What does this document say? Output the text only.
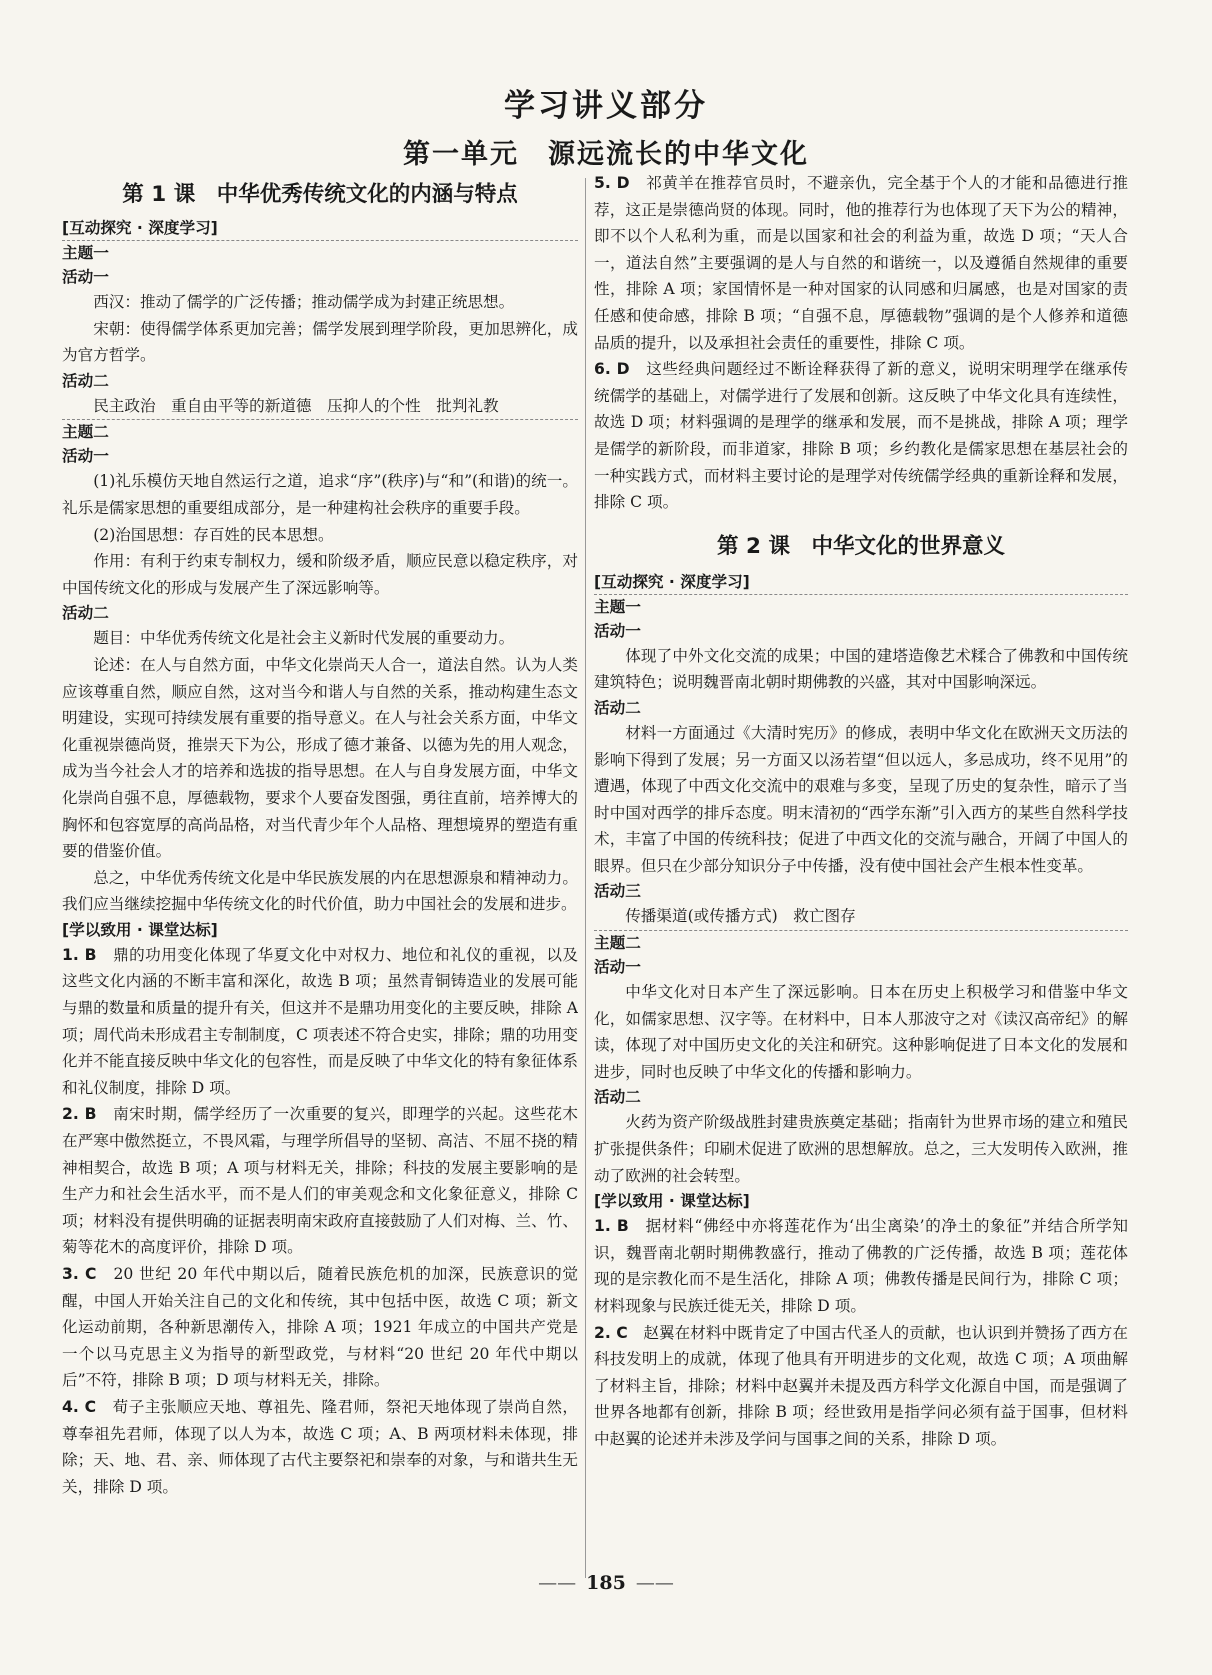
学习讲义部分
第一单元　源远流长的中华文化
第 1 课　中华优秀传统文化的内涵与特点
[互动探究 · 深度学习]
主题一
活动一

西汉：推动了儒学的广泛传播；推动儒学成为封建正统思想。

宋朝：使得儒学体系更加完善；儒学发展到理学阶段，更加思辨化，成为官方哲学。

活动二

民主政治　重自由平等的新道德　压抑人的个性　批判礼教

主题二
活动一

(1)礼乐模仿天地自然运行之道，追求“序”(秩序)与“和”(和谐)的统一。礼乐是儒家思想的重要组成部分，是一种建构社会秩序的重要手段。

(2)治国思想：存百姓的民本思想。

作用：有利于约束专制权力，缓和阶级矛盾，顺应民意以稳定秩序，对中国传统文化的形成与发展产生了深远影响等。

活动二

题目：中华优秀传统文化是社会主义新时代发展的重要动力。

论述：在人与自然方面，中华文化崇尚天人合一，道法自然。认为人类应该尊重自然，顺应自然，这对当今和谐人与自然的关系，推动构建生态文明建设，实现可持续发展有重要的指导意义。在人与社会关系方面，中华文化重视崇德尚贤，推崇天下为公，形成了德才兼备、以德为先的用人观念，成为当今社会人才的培养和选拔的指导思想。在人与自身发展方面，中华文化崇尚自强不息，厚德载物，要求个人要奋发图强，勇往直前，培养博大的胸怀和包容宽厚的高尚品格，对当代青少年个人品格、理想境界的塑造有重要的借鉴价值。

总之，中华优秀传统文化是中华民族发展的内在思想源泉和精神动力。我们应当继续挖掘中华传统文化的时代价值，助力中国社会的发展和进步。

[学以致用 · 课堂达标]

1. B　 鼎的功用变化体现了华夏文化中对权力、地位和礼仪的重视，以及这些文化内涵的不断丰富和深化，故选 B 项；虽然青铜铸造业的发展可能与鼎的数量和质量的提升有关，但这并不是鼎功用变化的主要反映，排除 A 项；周代尚未形成君主专制制度，C 项表述不符合史实，排除；鼎的功用变化并不能直接反映中华文化的包容性，而是反映了中华文化的特有象征体系和礼仪制度，排除 D 项。

2. B　 南宋时期，儒学经历了一次重要的复兴，即理学的兴起。这些花木在严寒中傲然挺立，不畏风霜，与理学所倡导的坚韧、高洁、不屈不挠的精神相契合，故选 B 项；A 项与材料无关，排除；科技的发展主要影响的是生产力和社会生活水平，而不是人们的审美观念和文化象征意义，排除 C 项；材料没有提供明确的证据表明南宋政府直接鼓励了人们对梅、兰、竹、菊等花木的高度评价，排除 D 项。

3. C　 20 世纪 20 年代中期以后，随着民族危机的加深，民族意识的觉醒，中国人开始关注自己的文化和传统，其中包括中医，故选 C 项；新文化运动前期，各种新思潮传入，排除 A 项；1921 年成立的中国共产党是一个以马克思主义为指导的新型政党，与材料“20 世纪 20 年代中期以后”不符，排除 B 项；D 项与材料无关，排除。

4. C　 荀子主张顺应天地、尊祖先、隆君师，祭祀天地体现了崇尚自然，尊奉祖先君师，体现了以人为本，故选 C 项；A、B 两项材料未体现，排除；天、地、君、亲、师体现了古代主要祭祀和崇奉的对象，与和谐共生无关，排除 D 项。

5. D　 祁黄羊在推荐官员时，不避亲仇，完全基于个人的才能和品德进行推荐，这正是崇德尚贤的体现。同时，他的推荐行为也体现了天下为公的精神，即不以个人私利为重，而是以国家和社会的利益为重，故选 D 项；“天人合一，道法自然”主要强调的是人与自然的和谐统一，以及遵循自然规律的重要性，排除 A 项；家国情怀是一种对国家的认同感和归属感，也是对国家的责任感和使命感，排除 B 项；“自强不息，厚德载物”强调的是个人修养和道德品质的提升，以及承担社会责任的重要性，排除 C 项。

6. D　 这些经典问题经过不断诠释获得了新的意义，说明宋明理学在继承传统儒学的基础上，对儒学进行了发展和创新。这反映了中华文化具有连续性，故选 D 项；材料强调的是理学的继承和发展，而不是挑战，排除 A 项；理学是儒学的新阶段，而非道家，排除 B 项；乡约教化是儒家思想在基层社会的一种实践方式，而材料主要讨论的是理学对传统儒学经典的重新诠释和发展，排除 C 项。

第 2 课　中华文化的世界意义
[互动探究 · 深度学习]
主题一
活动一

体现了中外文化交流的成果；中国的建塔造像艺术糅合了佛教和中国传统建筑特色；说明魏晋南北朝时期佛教的兴盛，其对中国影响深远。

活动二

材料一方面通过《大清时宪历》的修成，表明中华文化在欧洲天文历法的影响下得到了发展；另一方面又以汤若望“但以远人，多忌成功，终不见用”的遭遇，体现了中西文化交流中的艰难与多变，呈现了历史的复杂性，暗示了当时中国对西学的排斥态度。明末清初的“西学东渐”引入西方的某些自然科学技术，丰富了中国的传统科技；促进了中西文化的交流与融合，开阔了中国人的眼界。但只在少部分知识分子中传播，没有使中国社会产生根本性变革。

活动三

传播渠道(或传播方式)　救亡图存

主题二
活动一

中华文化对日本产生了深远影响。日本在历史上积极学习和借鉴中华文化，如儒家思想、汉字等。在材料中，日本人那波守之对《读汉高帝纪》的解读，体现了对中国历史文化的关注和研究。这种影响促进了日本文化的发展和进步，同时也反映了中华文化的传播和影响力。

活动二

火药为资产阶级战胜封建贵族奠定基础；指南针为世界市场的建立和殖民扩张提供条件；印刷术促进了欧洲的思想解放。总之，三大发明传入欧洲，推动了欧洲的社会转型。

[学以致用 · 课堂达标]

1. B　 据材料“佛经中亦将莲花作为‘出尘离染’的净土的象征”并结合所学知识，魏晋南北朝时期佛教盛行，推动了佛教的广泛传播，故选 B 项；莲花体现的是宗教化而不是生活化，排除 A 项；佛教传播是民间行为，排除 C 项；材料现象与民族迁徙无关，排除 D 项。

2. C　 赵翼在材料中既肯定了中国古代圣人的贡献，也认识到并赞扬了西方在科技发明上的成就，体现了他具有开明进步的文化观，故选 C 项；A 项曲解了材料主旨，排除；材料中赵翼并未提及西方科学文化源自中国，而是强调了世界各地都有创新，排除 B 项；经世致用是指学问必须有益于国事，但材料中赵翼的论述并未涉及学问与国事之间的关系，排除 D 项。

—— 185 ——
